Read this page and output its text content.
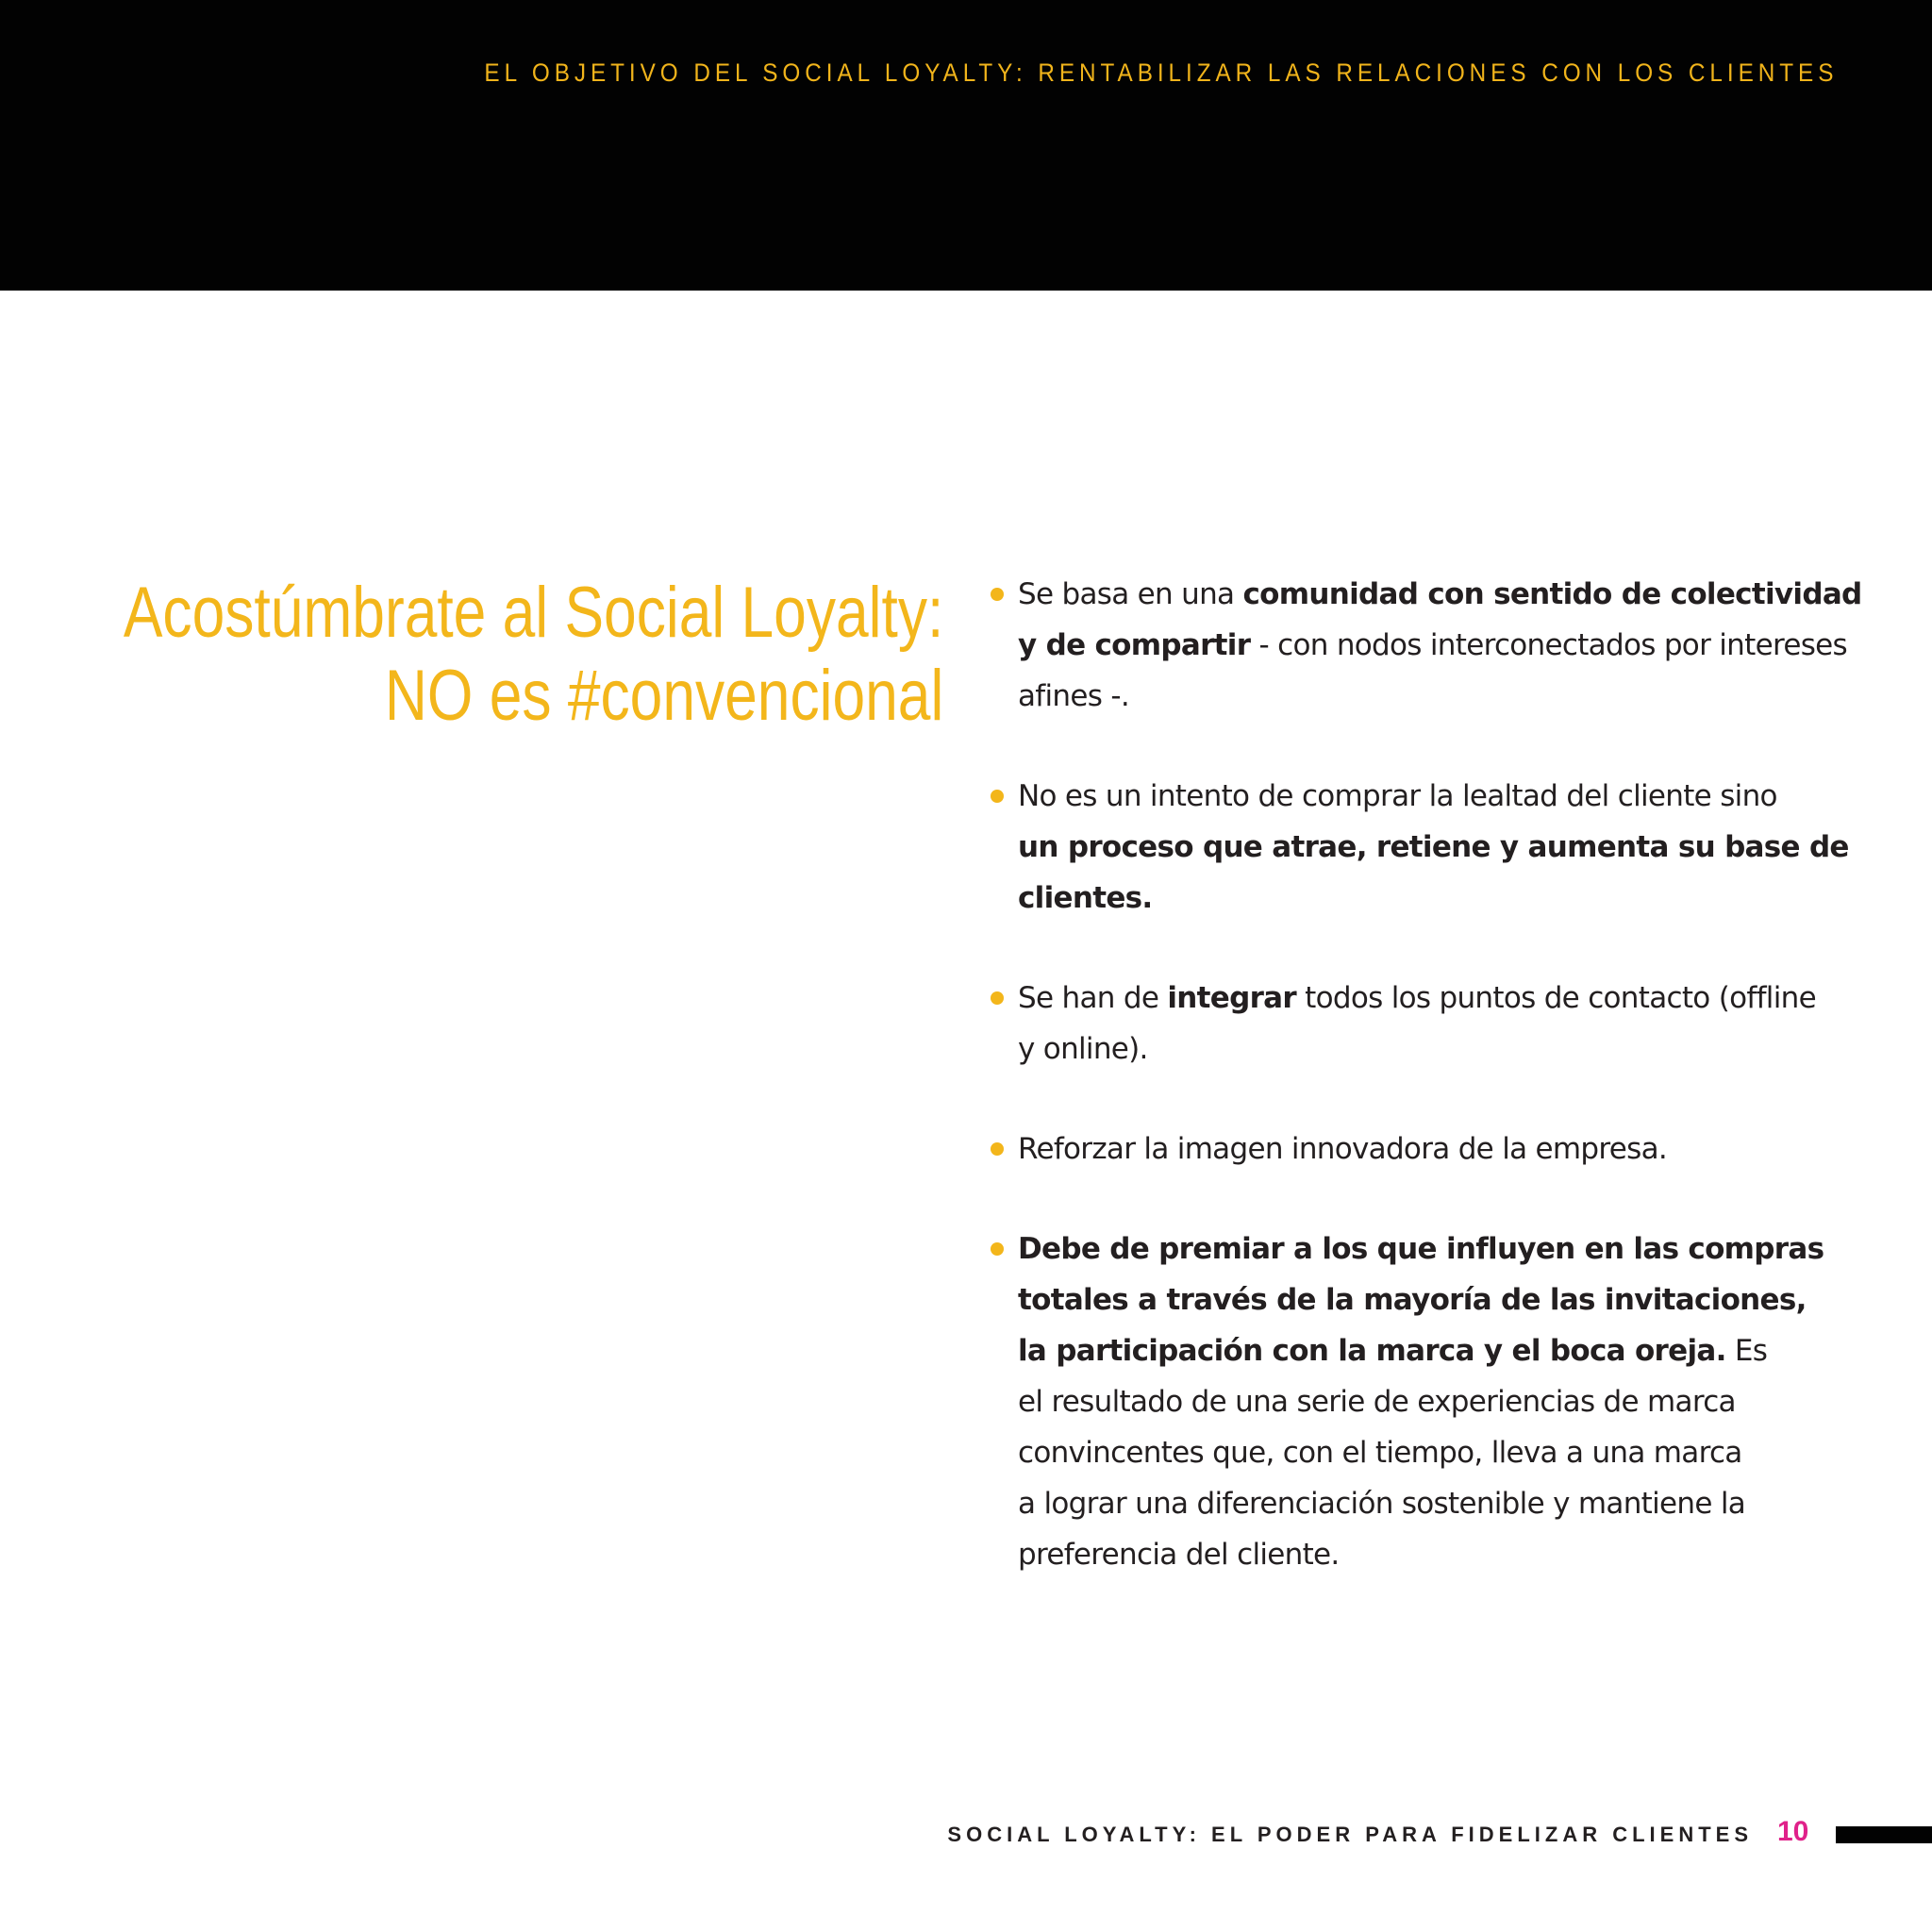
EL OBJETIVO DEL SOCIAL LOYALTY: RENTABILIZAR LAS RELACIONES CON LOS CLIENTES
Acostúmbrate al Social Loyalty:
NO es #convencional
Se basa en una comunidad con sentido de colectividad
y de compartir - con nodos interconectados por intereses
afines -.
No es un intento de comprar la lealtad del cliente sino
un proceso que atrae, retiene y aumenta su base de
clientes.
Se han de integrar todos los puntos de contacto (offline
y online).
Reforzar la imagen innovadora de la empresa.
Debe de premiar a los que influyen en las compras
totales a través de la mayoría de las invitaciones,
la participación con la marca y el boca oreja. Es
el resultado de una serie de experiencias de marca
convincentes que, con el tiempo, lleva a una marca
a lograr una diferenciación sostenible y mantiene la
preferencia del cliente.
SOCIAL LOYALTY: EL PODER PARA FIDELIZAR CLIENTES 10
